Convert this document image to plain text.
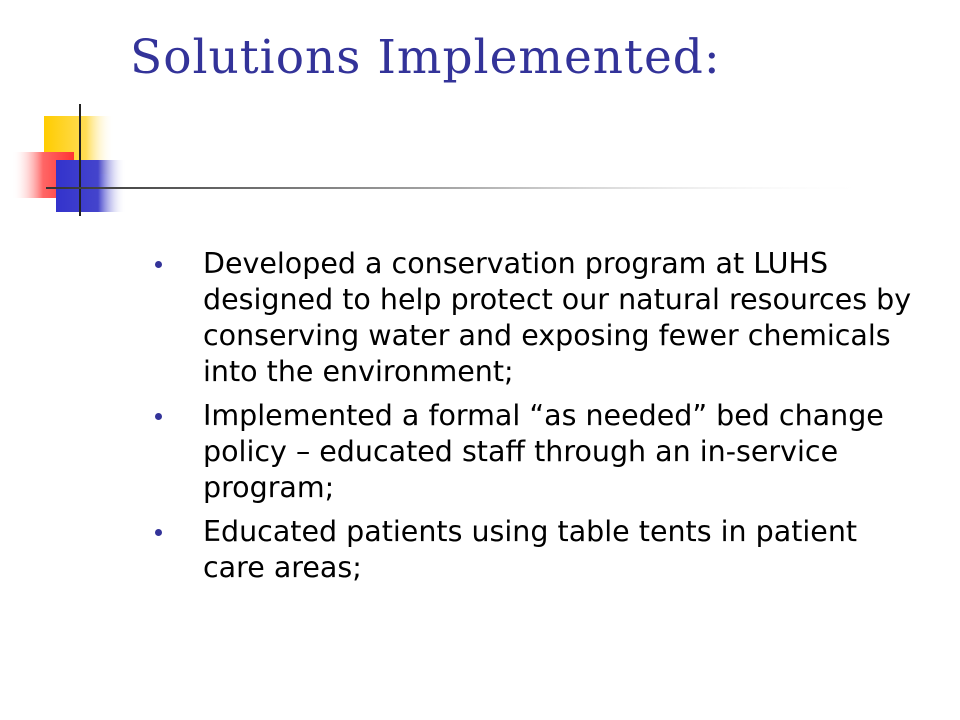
Solutions Implemented:
Developed a conservation program at LUHS designed to help protect our natural resources by conserving water and exposing fewer chemicals into the environment;
Implemented a formal “as needed” bed change policy – educated staff through an in-service program;
Educated patients using table tents in patient care areas;
